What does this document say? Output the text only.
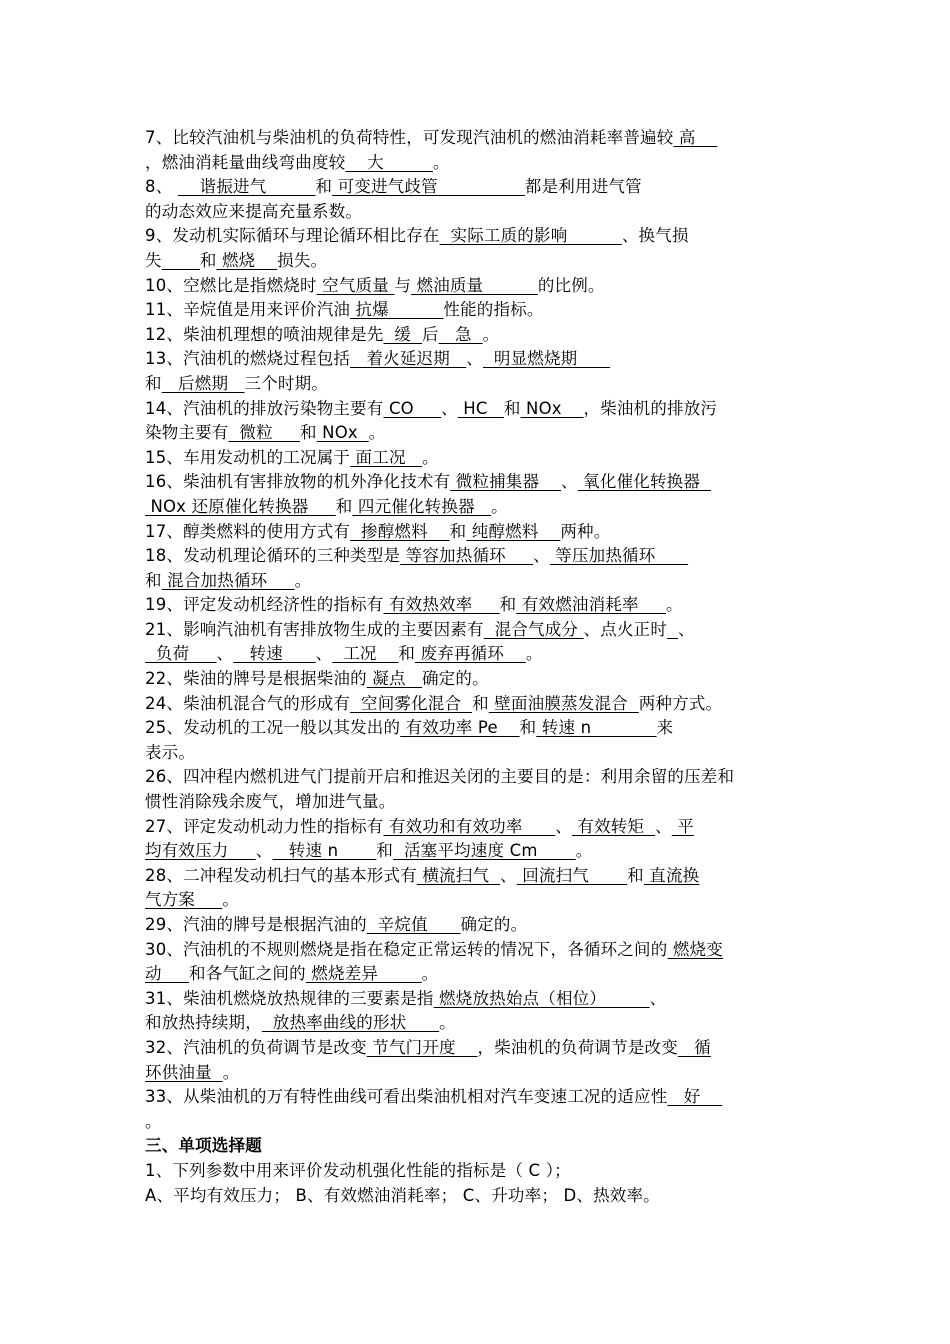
7、比较汽油机与柴油机的负荷特性，可发现汽油机的燃油消耗率普遍较 高
，燃油消耗量曲线弯曲度较    大         。
8、     谐振进气         和 可变进气歧管                都是利用进气管
的动态效应来提高充量系数。
9、发动机实际循环与理论循环相比存在  实际工质的影响          、换气损
失 和 燃烧    损失。
10、空燃比是指燃烧时 空气质量 与 燃油质量          的比例。
11、辛烷值是用来评价汽油 抗爆          性能的指标。
12、柴油机理想的喷油规律是先  缓  后   急  。
13、汽油机的燃烧过程包括   着火延迟期   、  明显燃烧期
和   后燃期   三个时期。
14、汽油机的排放污染物主要有 CO     、 HC   和 NOx    ，柴油机的排放污
染物主要有  微粒     和 NOx  。
15、车用发动机的工况属于 面工况   。
16、柴油机有害排放物的机外净化技术有 微粒捕集器    、 氧化催化转换器
NOx 还原催化转换器     和 四元催化转换器   。
17、醇类燃料的使用方式有  掺醇燃料    和 纯醇燃料    两种。
18、发动机理论循环的三种类型是 等容加热循环     、 等压加热循环
和 混合加热循环     。
19、评定发动机经济性的指标有 有效热效率     和 有效燃油消耗率     。
21、影响汽油机有害排放物生成的主要因素有  混合气成分 、点火正时 、
负荷     、   转速      、  工况    和 废弃再循环    。
22、柴油的牌号是根据柴油的 凝点   确定的。
24、柴油机混合气的形成有  空间雾化混合  和 壁面油膜蒸发混合  两种方式。
25、发动机的工况一般以其发出的 有效功率 Pe    和 转速 n            来
表示。
26、四冲程内燃机进气门提前开启和推迟关闭的主要目的是：利用余留的压差和
惯性消除残余废气，增加进气量。
27、评定发动机动力性的指标有 有效功和有效功率      、 有效转矩  、 平
均有效压力     、   转速 n       和  活塞平均速度 Cm       。
28、二冲程发动机扫气的基本形式有 横流扫气  、 回流扫气       和 直流换
气方案     。
29、汽油的牌号是根据汽油的  辛烷值      确定的。
30、汽油机的不规则燃烧是指在稳定正常运转的情况下，各循环之间的 燃烧变
动     和各气缸之间的 燃烧差异        。
31、柴油机燃烧放热规律的三要素是指 燃烧放热始点（相位）        、
和放热持续期，  放热率曲线的形状      。
32、汽油机的负荷调节是改变 节气门开度    ，柴油机的负荷调节是改变   循
环供油量  。
33、从柴油机的万有特性曲线可看出柴油机相对汽车变速工况的适应性   好
。
三、单项选择题
1、下列参数中用来评价发动机强化性能的指标是（ C ）；
A、平均有效压力； B、有效燃油消耗率； C、升功率； D、热效率。
